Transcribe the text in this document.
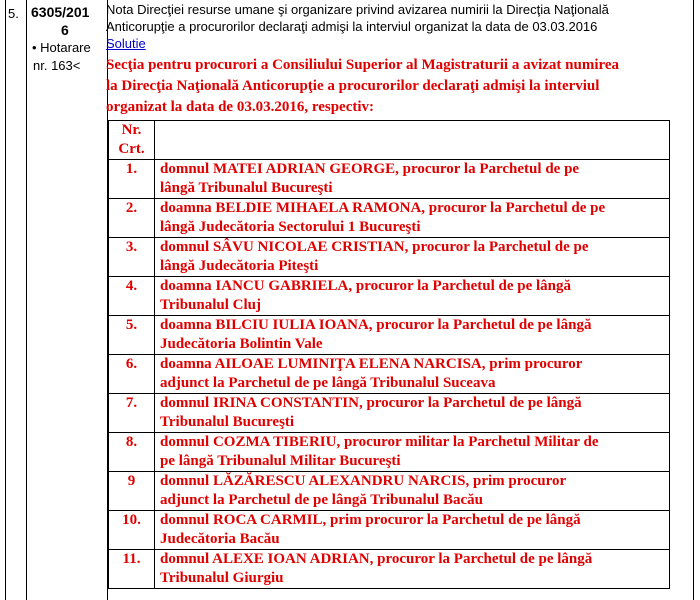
5. 6305/201
6
• Hotarare
nr. 163<

Nota Direcţiei resurse umane şi organizare privind avizarea numirii la Direcţia Naţională
Anticorupţie a procurorilor declaraţi admişi la interviul organizat la data de 03.03.2016

Solutie
Secţia pentru procurori a Consiliului Superior al Magistraturii a avizat numirea
la Direcţia Naţională Anticorupţie a procurorilor declaraţi admişi la interviul
organizat la data de 03.03.2016, respectiv:
Nr.
Crt.	

1.	domnul MATEI ADRIAN GEORGE, procuror la Parchetul de pe
lângă Tribunalul Bucureşti

2.	doamna BELDIE MIHAELA RAMONA, procuror la Parchetul de pe
lângă Judecătoria Sectorului 1 Bucureşti

3.	domnul SÂVU NICOLAE CRISTIAN, procuror la Parchetul de pe
lângă Judecătoria Piteşti

4.	doamna IANCU GABRIELA, procuror la Parchetul de pe lângă
Tribunalul Cluj

5.	doamna BILCIU IULIA IOANA, procuror la Parchetul de pe lângă
Judecătoria Bolintin Vale

6.	doamna AILOAE LUMINIŢA ELENA NARCISA, prim procuror
adjunct la Parchetul de pe lângă Tribunalul Suceava

7.	domnul IRINA CONSTANTIN, procuror la Parchetul de pe lângă
Tribunalul Bucureşti

8.	domnul COZMA TIBERIU, procuror militar la Parchetul Militar de
pe lângă Tribunalul Militar Bucureşti

9	domnul LĂZĂRESCU ALEXANDRU NARCIS, prim procuror
adjunct la Parchetul de pe lângă Tribunalul Bacău

10.	domnul ROCA CARMIL, prim procuror la Parchetul de pe lângă
Judecătoria Bacău

11.	domnul ALEXE IOAN ADRIAN, procuror la Parchetul de pe lângă
Tribunalul Giurgiu
